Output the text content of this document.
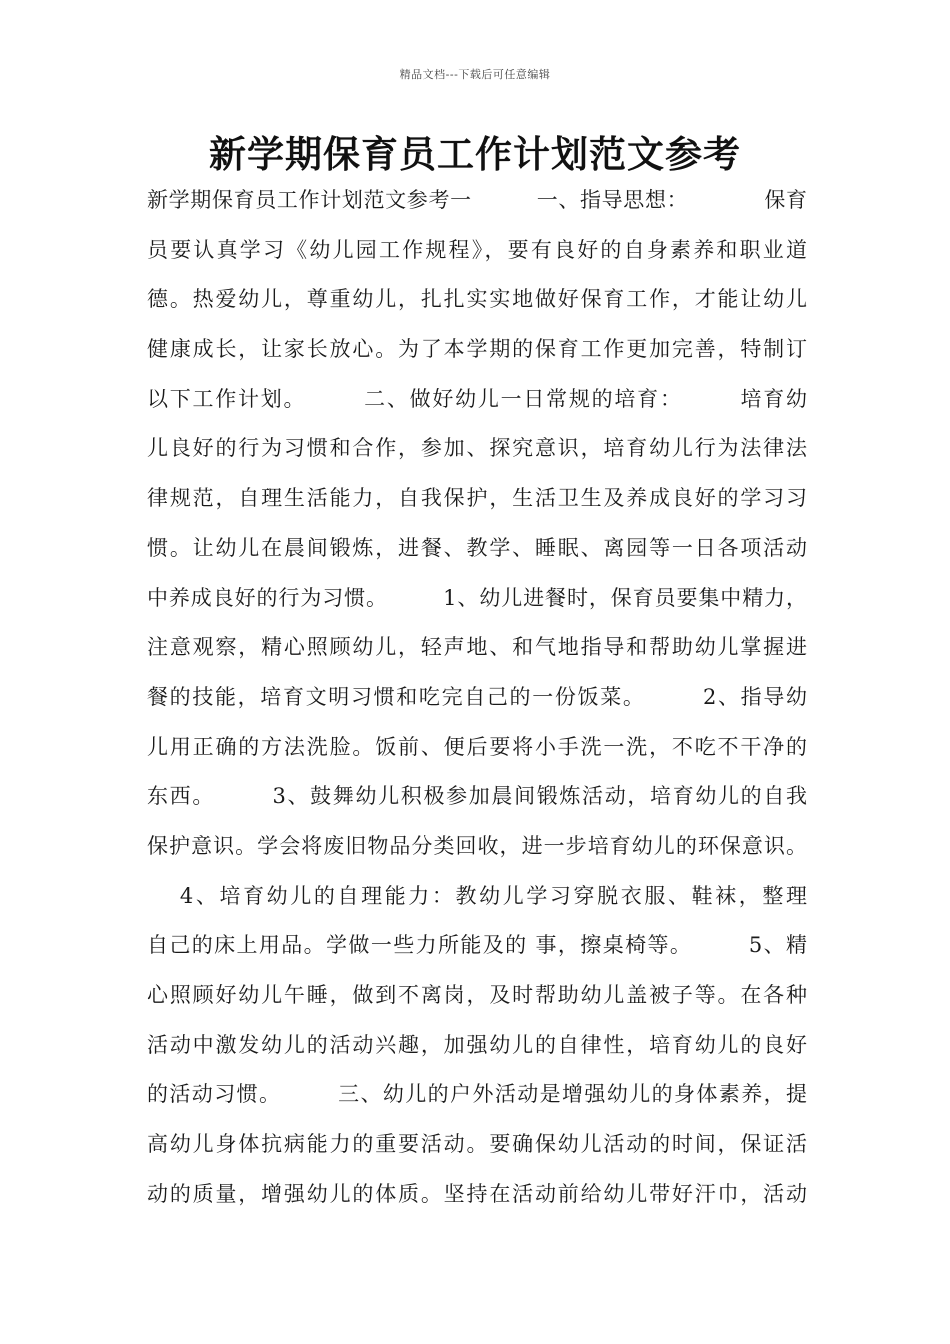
精品文档---下载后可任意编辑
新学期保育员工作计划范文参考
新学期保育员工作计划范文参考一　　　一、指导思想：　　　　保育
员要认真学习《幼儿园工作规程》，要有良好的自身素养和职业道
德。热爱幼儿，尊重幼儿，扎扎实实地做好保育工作，才能让幼儿
健康成长，让家长放心。为了本学期的保育工作更加完善，特制订
以下工作计划。　　　二、做好幼儿一日常规的培育：　　　培育幼
儿良好的行为习惯和合作，参加、探究意识，培育幼儿行为法律法
律规范，自理生活能力，自我保护，生活卫生及养成良好的学习习
惯。让幼儿在晨间锻炼，进餐、教学、睡眠、离园等一日各项活动
中养成良好的行为习惯。　　　1、幼儿进餐时，保育员要集中精力，
注意观察，精心照顾幼儿，轻声地、和气地指导和帮助幼儿掌握进
餐的技能，培育文明习惯和吃完自己的一份饭菜。　　　2、指导幼
儿用正确的方法洗脸。饭前、便后要将小手洗一洗，不吃不干净的
东西。　　　3、鼓舞幼儿积极参加晨间锻炼活动，培育幼儿的自我
保护意识。学会将废旧物品分类回收，进一步培育幼儿的环保意识。
　 4、培育幼儿的自理能力：教幼儿学习穿脱衣服、鞋袜，整理
自己的床上用品。学做一些力所能及的 事，擦桌椅等。　　　5、精
心照顾好幼儿午睡，做到不离岗，及时帮助幼儿盖被子等。在各种
活动中激发幼儿的活动兴趣，加强幼儿的自律性，培育幼儿的良好
的活动习惯。　　　三、幼儿的户外活动是增强幼儿的身体素养，提
高幼儿身体抗病能力的重要活动。要确保幼儿活动的时间，保证活
动的质量，增强幼儿的体质。坚持在活动前给幼儿带好汗巾，活动
